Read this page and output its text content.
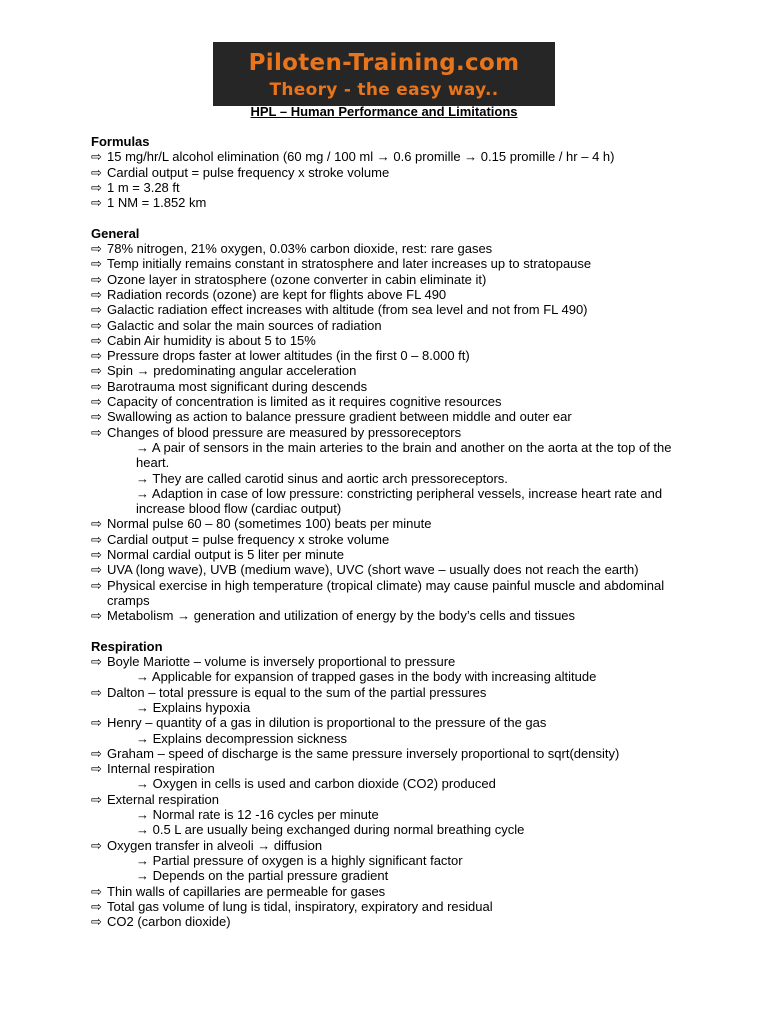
Piloten-Training.com
Theory - the easy way..
HPL – Human Performance and Limitations
Formulas
⇨ 15 mg/hr/L alcohol elimination (60 mg / 100 ml → 0.6 promille → 0.15 promille / hr – 4 h)
⇨ Cardial output = pulse frequency x stroke volume
⇨ 1 m = 3.28 ft
⇨ 1 NM = 1.852 km
General
⇨ 78% nitrogen, 21% oxygen, 0.03% carbon dioxide, rest: rare gases
⇨ Temp initially remains constant in stratosphere and later increases up to stratopause
⇨ Ozone layer in stratosphere (ozone converter in cabin eliminate it)
⇨ Radiation records (ozone) are kept for flights above FL 490
⇨ Galactic radiation effect increases with altitude (from sea level and not from FL 490)
⇨ Galactic and solar the main sources of radiation
⇨ Cabin Air humidity is about 5 to 15%
⇨ Pressure drops faster at lower altitudes (in the first 0 – 8.000 ft)
⇨ Spin → predominating angular acceleration
⇨ Barotrauma most significant during descends
⇨ Capacity of concentration is limited as it requires cognitive resources
⇨ Swallowing as action to balance pressure gradient between middle and outer ear
⇨ Changes of blood pressure are measured by pressoreceptors
→ A pair of sensors in the main arteries to the brain and another on the aorta at the top of the heart.
→ They are called carotid sinus and aortic arch pressoreceptors.
→ Adaption in case of low pressure: constricting peripheral vessels, increase heart rate and increase blood flow (cardiac output)
⇨ Normal pulse 60 – 80 (sometimes 100) beats per minute
⇨ Cardial output = pulse frequency x stroke volume
⇨ Normal cardial output is 5 liter per minute
⇨ UVA (long wave), UVB (medium wave), UVC (short wave – usually does not reach the earth)
⇨ Physical exercise in high temperature (tropical climate) may cause painful muscle and abdominal cramps
⇨ Metabolism → generation and utilization of energy by the body’s cells and tissues
Respiration
⇨ Boyle Mariotte – volume is inversely proportional to pressure
→ Applicable for expansion of trapped gases in the body with increasing altitude
⇨ Dalton – total pressure is equal to the sum of the partial pressures
→ Explains hypoxia
⇨ Henry – quantity of a gas in dilution is proportional to the pressure of the gas
→ Explains decompression sickness
⇨ Graham – speed of discharge is the same pressure inversely proportional to sqrt(density)
⇨ Internal respiration
→ Oxygen in cells is used and carbon dioxide (CO2) produced
⇨ External respiration
→ Normal rate is 12 -16 cycles per minute
→ 0.5 L are usually being exchanged during normal breathing cycle
⇨ Oxygen transfer in alveoli → diffusion
→ Partial pressure of oxygen is a highly significant factor
→ Depends on the partial pressure gradient
⇨ Thin walls of capillaries are permeable for gases
⇨ Total gas volume of lung is tidal, inspiratory, expiratory and residual
⇨ CO2 (carbon dioxide)
